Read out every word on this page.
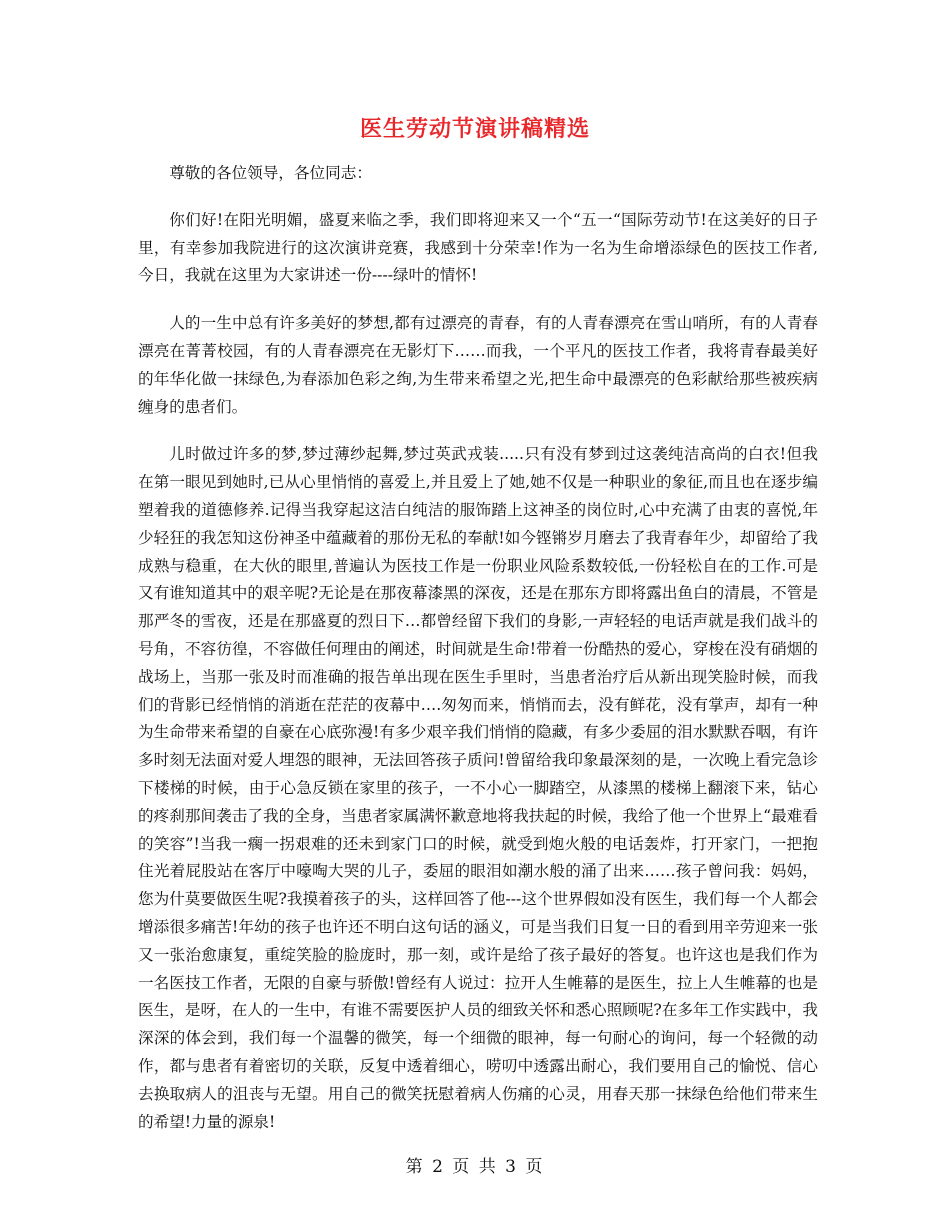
医生劳动节演讲稿精选

尊敬的各位领导，各位同志：

你们好!在阳光明媚，盛夏来临之季，我们即将迎来又一个“五一“国际劳动节!在这美好的日子里，有幸参加我院进行的这次演讲竞赛，我感到十分荣幸!作为一名为生命增添绿色的医技工作者,今日，我就在这里为大家讲述一份----绿叶的情怀!

人的一生中总有许多美好的梦想,都有过漂亮的青春，有的人青春漂亮在雪山哨所，有的人青春漂亮在菁菁校园，有的人青春漂亮在无影灯下……而我，一个平凡的医技工作者，我将青春最美好的年华化做一抹绿色,为春添加色彩之绚,为生带来希望之光,把生命中最漂亮的色彩献给那些被疾病缠身的患者们。

儿时做过许多的梦,梦过薄纱起舞,梦过英武戎装.....只有没有梦到过这袭纯洁高尚的白衣!但我在第一眼见到她时,已从心里悄悄的喜爱上,并且爱上了她,她不仅是一种职业的象征,而且也在逐步编塑着我的道德修养.记得当我穿起这洁白纯洁的服饰踏上这神圣的岗位时,心中充满了由衷的喜悦,年少轻狂的我怎知这份神圣中蕴藏着的那份无私的奉献!如今铿锵岁月磨去了我青春年少，却留给了我成熟与稳重，在大伙的眼里,普遍认为医技工作是一份职业风险系数较低,一份轻松自在的工作.可是又有谁知道其中的艰辛呢?无论是在那夜幕漆黑的深夜，还是在那东方即将露出鱼白的清晨，不管是那严冬的雪夜，还是在那盛夏的烈日下…都曾经留下我们的身影,一声轻轻的电话声就是我们战斗的号角，不容彷徨，不容做任何理由的阐述，时间就是生命!带着一份酷热的爱心，穿梭在没有硝烟的战场上，当那一张及时而准确的报告单出现在医生手里时，当患者治疗后从新出现笑脸时候，而我们的背影已经悄悄的消逝在茫茫的夜幕中….匆匆而来，悄悄而去，没有鲜花，没有掌声，却有一种为生命带来希望的自豪在心底弥漫!有多少艰辛我们悄悄的隐藏，有多少委屈的泪水默默吞咽，有许多时刻无法面对爱人埋怨的眼神，无法回答孩子质问!曾留给我印象最深刻的是，一次晚上看完急诊下楼梯的时候，由于心急反锁在家里的孩子，一不小心一脚踏空，从漆黑的楼梯上翻滚下来，钻心的疼刹那间袭击了我的全身，当患者家属满怀歉意地将我扶起的时候，我给了他一个世界上“最难看的笑容”!当我一瘸一拐艰难的还未到家门口的时候，就受到炮火般的电话轰炸，打开家门，一把抱住光着屁股站在客厅中嚎啕大哭的儿子，委屈的眼泪如潮水般的涌了出来……孩子曾问我：妈妈，您为什莫要做医生呢?我摸着孩子的头，这样回答了他---这个世界假如没有医生，我们每一个人都会增添很多痛苦!年幼的孩子也许还不明白这句话的涵义，可是当我们日复一日的看到用辛劳迎来一张又一张治愈康复，重绽笑脸的脸庞时，那一刻，或许是给了孩子最好的答复。也许这也是我们作为一名医技工作者，无限的自豪与骄傲!曾经有人说过：拉开人生帷幕的是医生，拉上人生帷幕的也是医生，是呀，在人的一生中，有谁不需要医护人员的细致关怀和悉心照顾呢?在多年工作实践中，我深深的体会到，我们每一个温馨的微笑，每一个细微的眼神，每一句耐心的询问，每一个轻微的动作，都与患者有着密切的关联，反复中透着细心，唠叨中透露出耐心，我们要用自己的愉悦、信心去换取病人的沮丧与无望。用自己的微笑抚慰着病人伤痛的心灵，用春天那一抹绿色给他们带来生的希望!力量的源泉!

第 2 页 共 3 页
